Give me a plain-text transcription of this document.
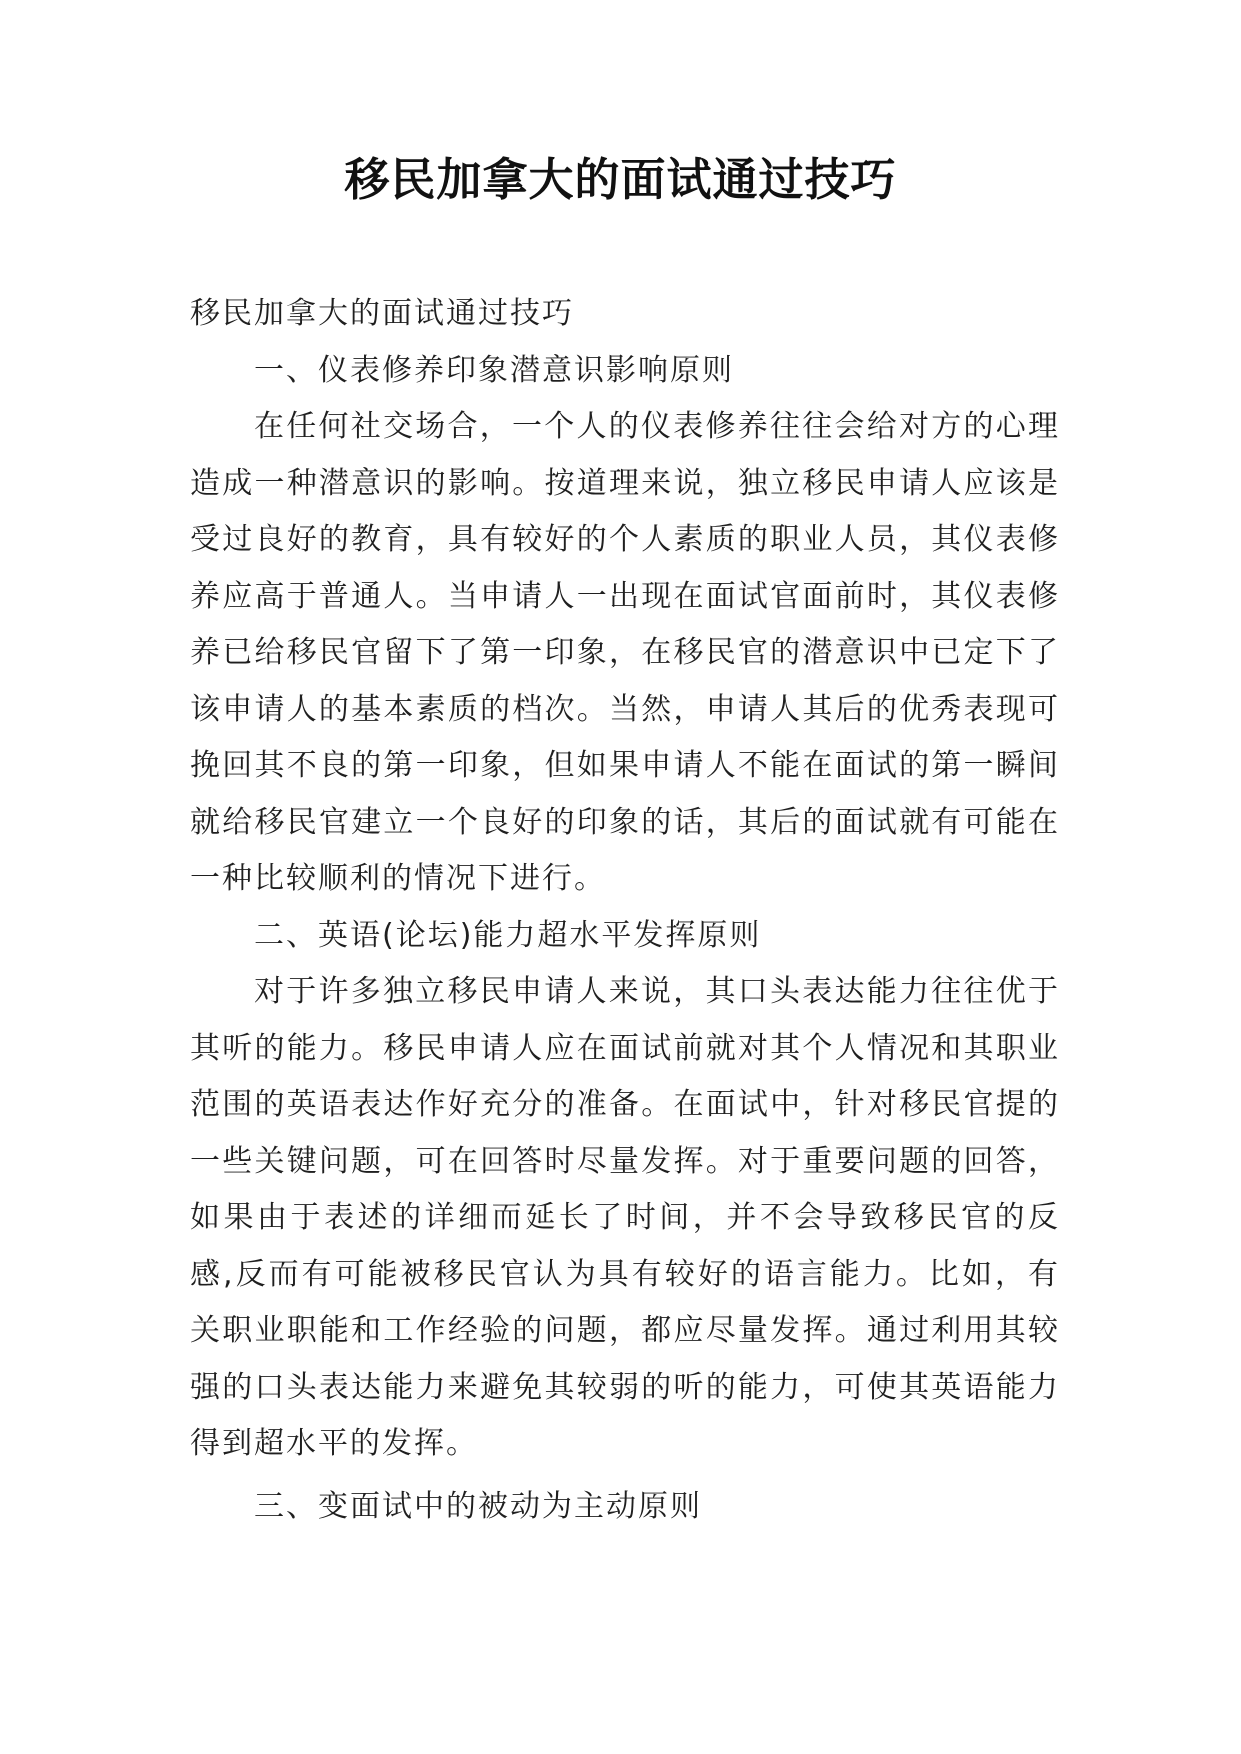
移民加拿大的面试通过技巧

移民加拿大的面试通过技巧

一、仪表修养印象潜意识影响原则

在任何社交场合，一个人的仪表修养往往会给对方的心理造成一种潜意识的影响。按道理来说，独立移民申请人应该是受过良好的教育，具有较好的个人素质的职业人员，其仪表修养应高于普通人。当申请人一出现在面试官面前时，其仪表修养已给移民官留下了第一印象，在移民官的潜意识中已定下了该申请人的基本素质的档次。当然，申请人其后的优秀表现可挽回其不良的第一印象，但如果申请人不能在面试的第一瞬间就给移民官建立一个良好的印象的话，其后的面试就有可能在一种比较顺利的情况下进行。

二、英语(论坛)能力超水平发挥原则

对于许多独立移民申请人来说，其口头表达能力往往优于其听的能力。移民申请人应在面试前就对其个人情况和其职业范围的英语表达作好充分的准备。在面试中，针对移民官提的一些关键问题，可在回答时尽量发挥。对于重要问题的回答，如果由于表述的详细而延长了时间，并不会导致移民官的反感,反而有可能被移民官认为具有较好的语言能力。比如，有关职业职能和工作经验的问题，都应尽量发挥。通过利用其较强的口头表达能力来避免其较弱的听的能力，可使其英语能力得到超水平的发挥。

三、变面试中的被动为主动原则
